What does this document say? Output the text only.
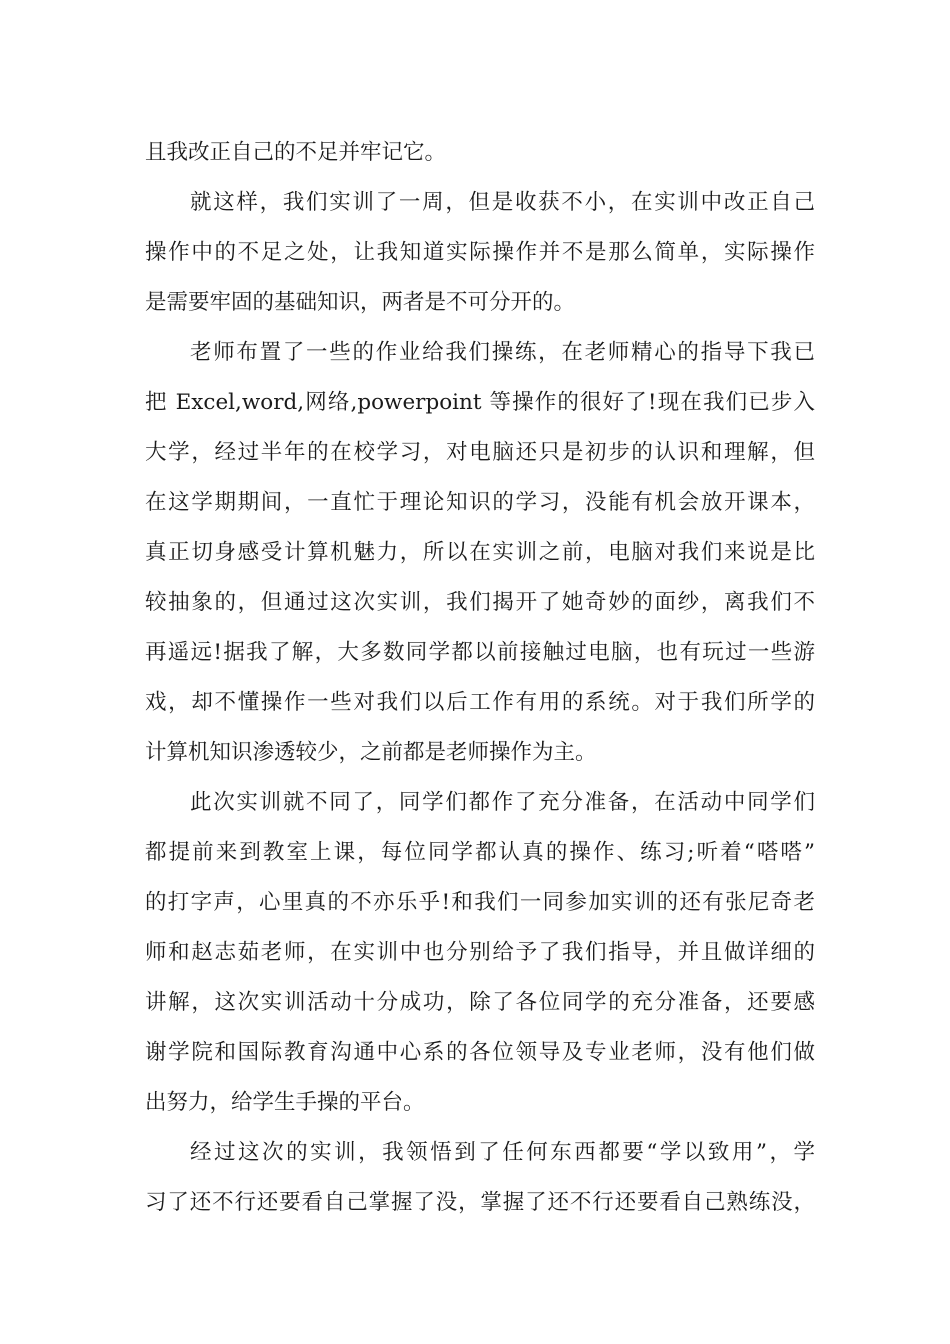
且我改正自己的不足并牢记它。
就这样，我们实训了一周，但是收获不小，在实训中改正自己
操作中的不足之处，让我知道实际操作并不是那么简单，实际操作
是需要牢固的基础知识，两者是不可分开的。
老师布置了一些的作业给我们操练，在老师精心的指导下我已
把 Excel,word,网络,powerpoint 等操作的很好了!现在我们已步入
大学，经过半年的在校学习，对电脑还只是初步的认识和理解，但
在这学期期间，一直忙于理论知识的学习，没能有机会放开课本，
真正切身感受计算机魅力，所以在实训之前，电脑对我们来说是比
较抽象的，但通过这次实训，我们揭开了她奇妙的面纱，离我们不
再遥远!据我了解，大多数同学都以前接触过电脑，也有玩过一些游
戏，却不懂操作一些对我们以后工作有用的系统。对于我们所学的
计算机知识渗透较少，之前都是老师操作为主。
此次实训就不同了，同学们都作了充分准备，在活动中同学们
都提前来到教室上课，每位同学都认真的操作、练习;听着“嗒嗒”
的打字声，心里真的不亦乐乎!和我们一同参加实训的还有张尼奇老
师和赵志茹老师，在实训中也分别给予了我们指导，并且做详细的
讲解，这次实训活动十分成功，除了各位同学的充分准备，还要感
谢学院和国际教育沟通中心系的各位领导及专业老师，没有他们做
出努力，给学生手操的平台。
经过这次的实训，我领悟到了任何东西都要“学以致用”，学
习了还不行还要看自己掌握了没，掌握了还不行还要看自己熟练没，
